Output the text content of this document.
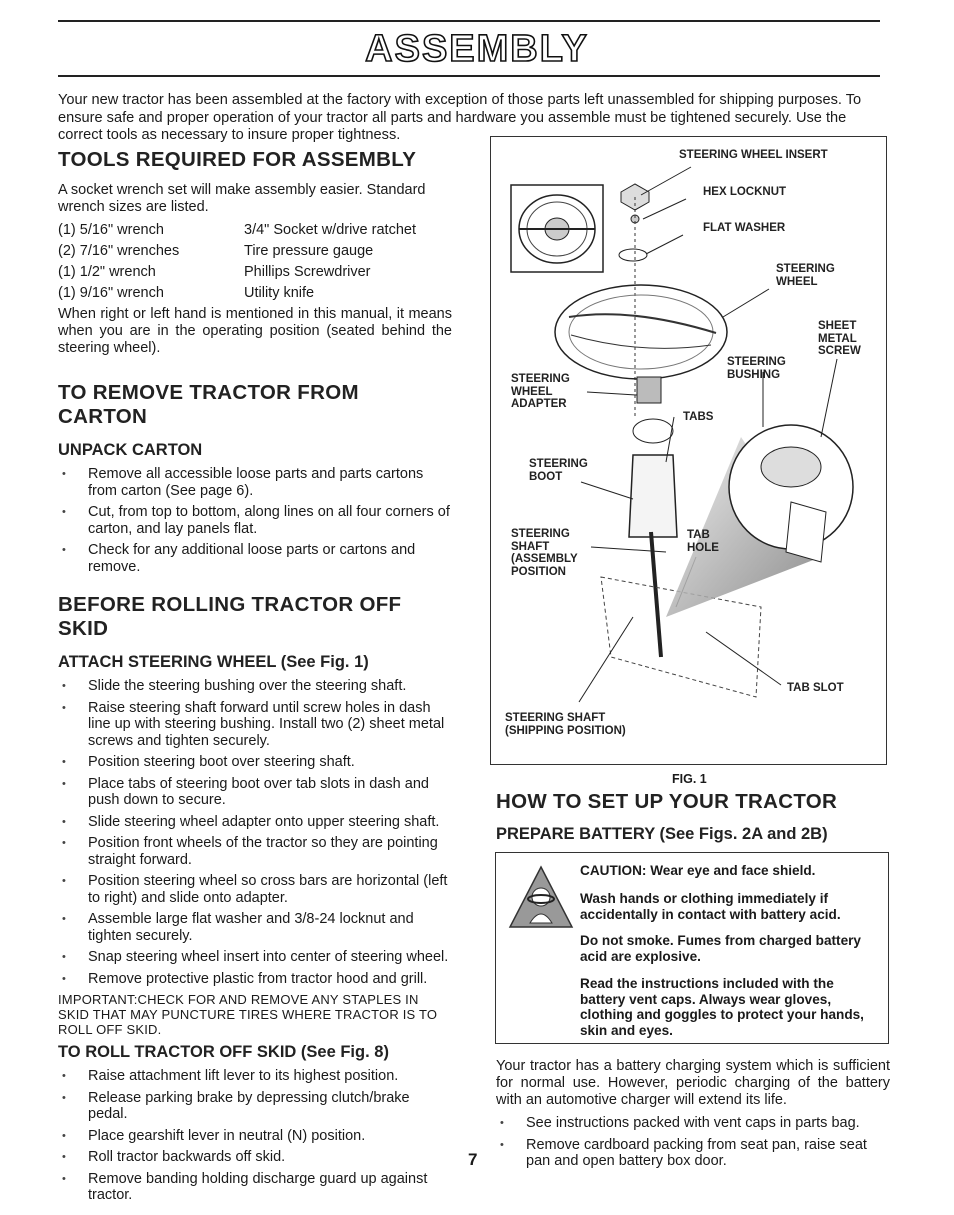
ASSEMBLY
Your new tractor has been assembled at the factory with exception of those parts left unassembled for shipping purposes. To ensure safe and proper operation of your tractor all parts and hardware you assemble must be tightened securely. Use the correct tools as necessary to insure proper tightness.
TOOLS REQUIRED FOR ASSEMBLY

A socket wrench set will make assembly easier. Standard wrench sizes are listed.

(1) 5/16" wrench	3/4" Socket w/drive ratchet
(2) 7/16" wrenches	Tire pressure gauge
(1) 1/2" wrench	Phillips Screwdriver
(1) 9/16" wrench	Utility knife

When right or left hand is mentioned in this manual, it means when you are in the operating position (seated behind the steering wheel).

TO REMOVE TRACTOR FROM CARTON
UNPACK CARTON
• Remove all accessible loose parts and parts cartons from carton (See page 6).
• Cut, from top to bottom, along lines on all four corners of carton, and lay panels flat.
• Check for any additional loose parts or cartons and remove.
BEFORE ROLLING TRACTOR OFF SKID
ATTACH STEERING WHEEL (See Fig. 1)
• Slide the steering bushing over the steering shaft.
• Raise steering shaft forward until screw holes in dash line up with steering bushing. Install two (2) sheet metal screws and tighten securely.
• Position steering boot over steering shaft.
• Place tabs of steering boot over tab slots in dash and push down to secure.
• Slide steering wheel adapter onto upper steering shaft.
• Position front wheels of the tractor so they are pointing straight forward.
• Position steering wheel so cross bars are horizontal (left to right) and slide onto adapter.
• Assemble large flat washer and 3/8-24 locknut and tighten securely.
• Snap steering wheel insert into center of steering wheel.
• Remove protective plastic from tractor hood and grill.

IMPORTANT:CHECK FOR AND REMOVE ANY STAPLES IN SKID THAT MAY PUNCTURE TIRES WHERE TRACTOR IS TO ROLL OFF SKID.

TO ROLL TRACTOR OFF SKID (See Fig. 8)
• Raise attachment lift lever to its highest position.
• Release parking brake by depressing clutch/brake pedal.
• Place gearshift lever in neutral (N) position.
• Roll tractor backwards off skid.
• Remove banding holding discharge guard up against tractor.
7
STEERING WHEEL INSERT
HEX LOCKNUT
FLAT WASHER
STEERING
WHEEL
SHEET
METAL
SCREW
STEERING
BUSHING
STEERING
WHEEL
ADAPTER
TABS
STEERING
BOOT
STEERING
SHAFT
(ASSEMBLY
POSITION
TAB
HOLE
TAB SLOT
STEERING SHAFT
(SHIPPING POSITION)
FIG. 1
HOW TO SET UP YOUR TRACTOR
PREPARE BATTERY (See Figs. 2A and 2B)
CAUTION: Wear eye and face shield.
Wash hands or clothing immediately if accidentally in contact with battery acid.
Do not smoke. Fumes from charged battery acid are explosive.
Read the instructions included with the battery vent caps. Always wear gloves, clothing and goggles to protect your hands, skin and eyes.

Your tractor has a battery charging system which is sufficient for normal use. However, periodic charging of the battery with an automotive charger will extend its life.

• See instructions packed with vent caps in parts bag.
• Remove cardboard packing from seat pan, raise seat pan and open battery box door.
